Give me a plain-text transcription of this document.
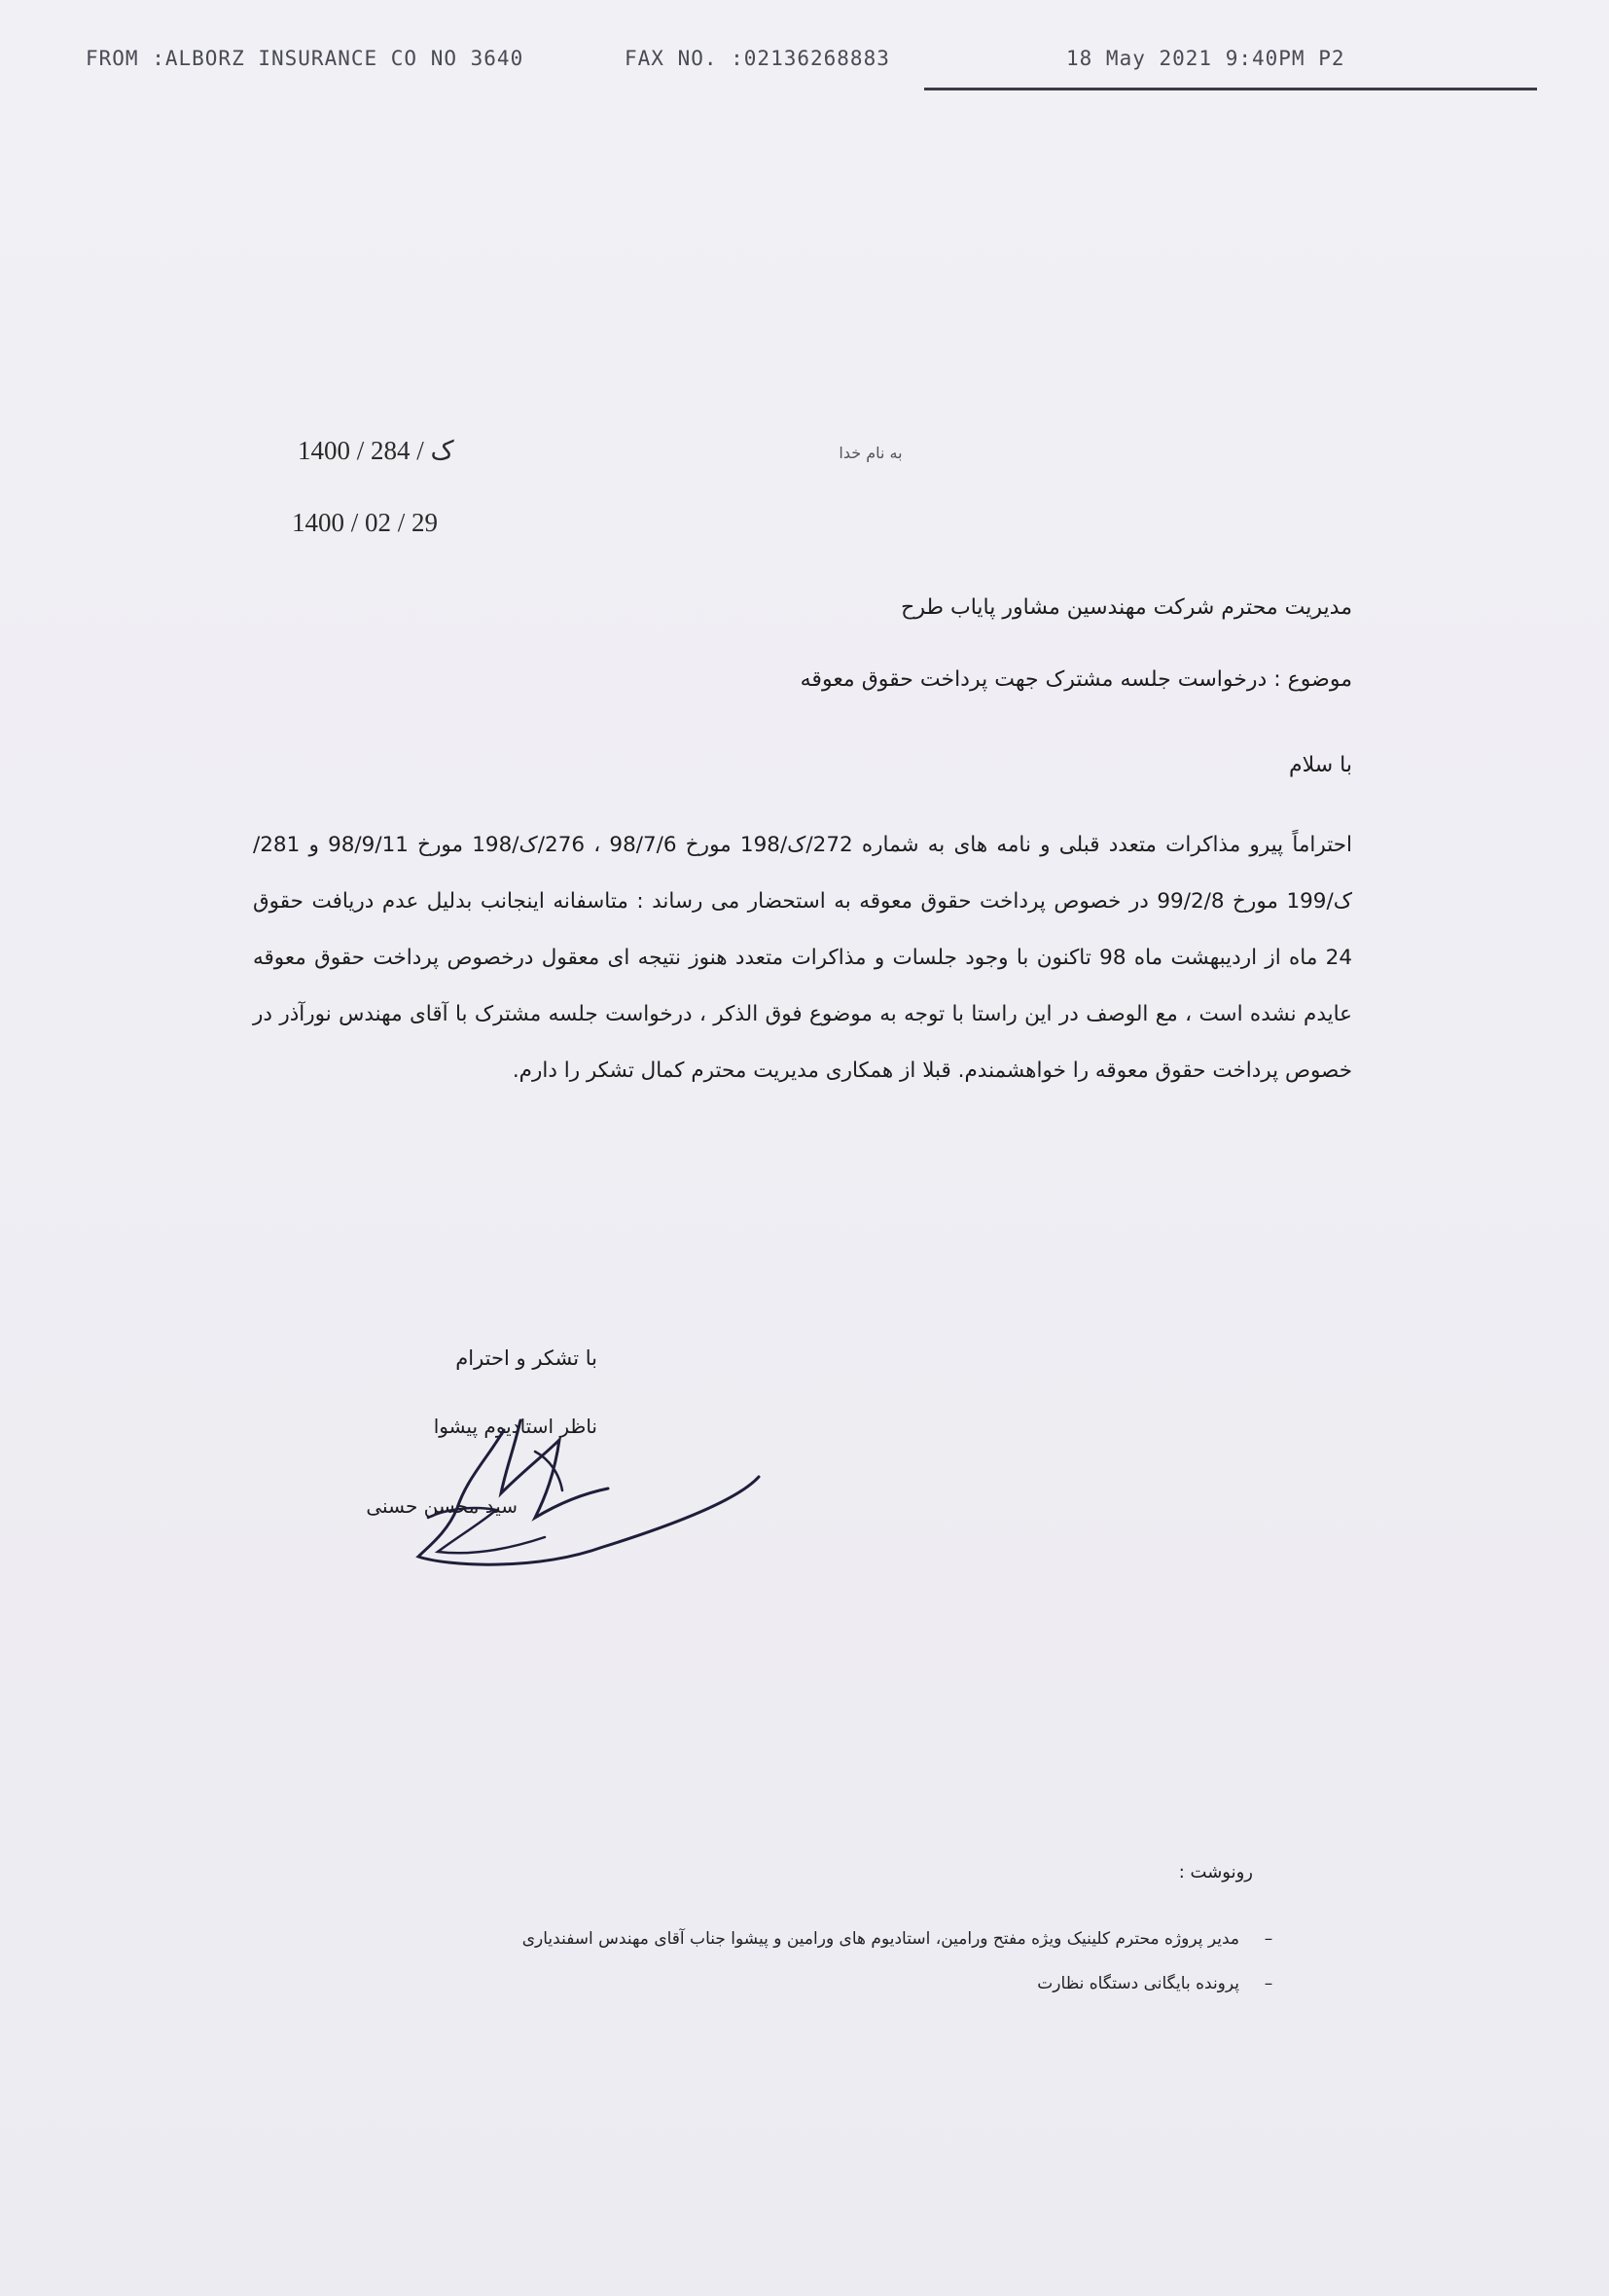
FROM :ALBORZ INSURANCE CO NO 3640	FAX NO. :02136268883	18 May 2021 9:40PM P2
1400 / ک / 284
1400 / 02 / 29
به نام خدا
مدیریت محترم شرکت مهندسین مشاور پایاب طرح
موضوع : درخواست جلسه مشترک جهت پرداخت حقوق معوقه
با سلام
احتراماً پیرو مذاکرات متعدد قبلی و نامه های به شماره 272/ک/198 مورخ 98/7/6 ، 276/ک/198 مورخ 98/9/11 و 281/ک/199 مورخ 99/2/8 در خصوص پرداخت حقوق معوقه به استحضار می رساند : متاسفانه اینجانب بدلیل عدم دریافت حقوق 24 ماه از اردیبهشت ماه 98 تاکنون با وجود جلسات و مذاکرات متعدد هنوز نتیجه ای معقول درخصوص پرداخت حقوق معوقه عایدم نشده است ، مع الوصف در این راستا با توجه به موضوع فوق الذکر ، درخواست جلسه مشترک با آقای مهندس نورآذر در خصوص پرداخت حقوق معوقه را خواهشمندم. قبلا از همکاری مدیریت محترم کمال تشکر را دارم.
با تشکر و احترام
ناظر استادیوم پیشوا
سید محسن حسنی
رونوشت :
–مدیر پروژه محترم کلینیک ویژه مفتح ورامین، استادیوم های ورامین و پیشوا جناب آقای مهندس اسفندیاری
–پرونده بایگانی دستگاه نظارت
